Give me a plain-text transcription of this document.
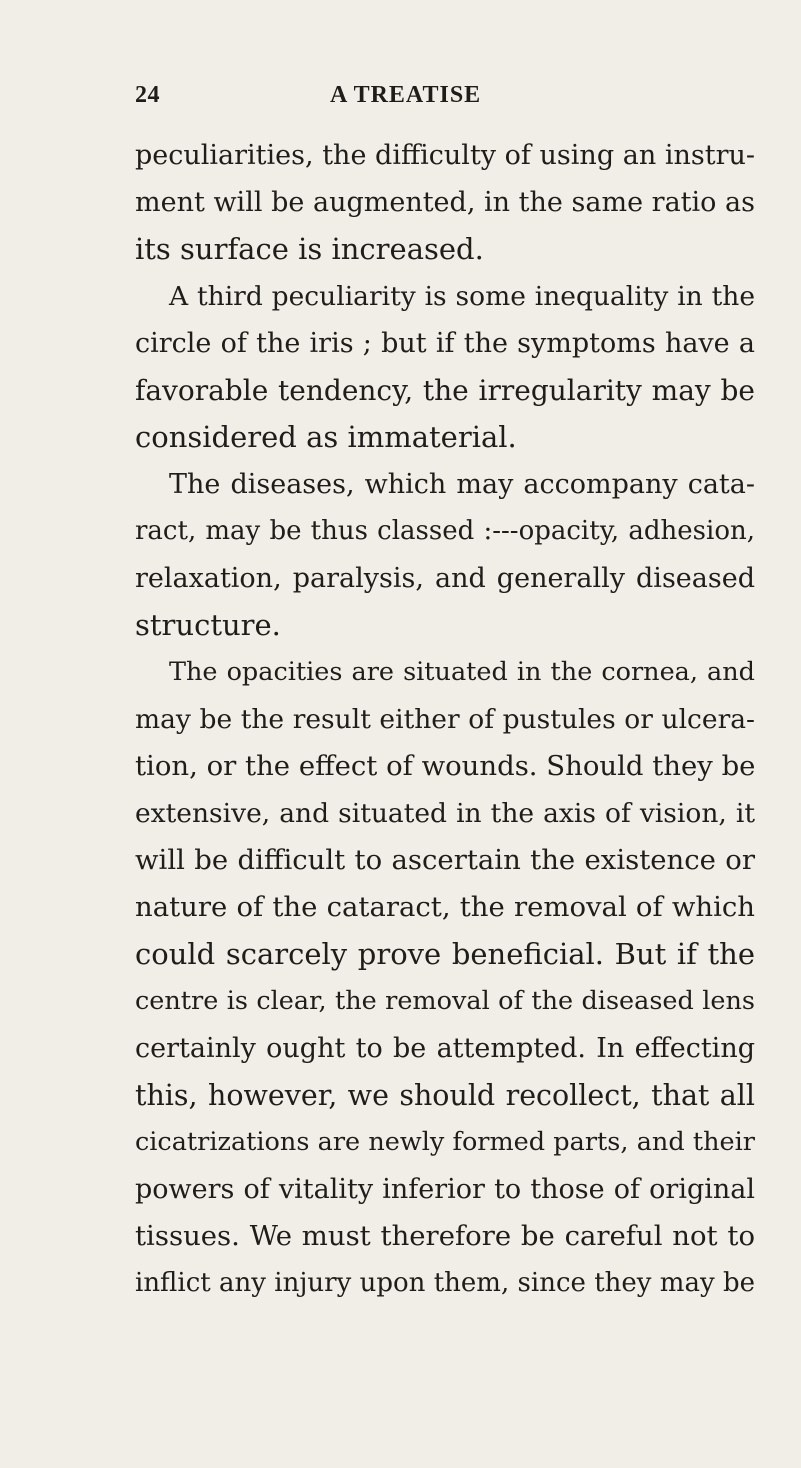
24	A TREATISE
peculiarities, the difficulty of using an instru-
ment will be augmented, in the same ratio as
its surface is increased.
A third peculiarity is some inequality in the
circle of the iris ; but if the symptoms have a
favorable tendency, the irregularity may be
considered as immaterial.
The diseases, which may accompany cata-
ract, may be thus classed :---opacity, adhesion,
relaxation, paralysis, and generally diseased
structure.
The opacities are situated in the cornea, and
may be the result either of pustules or ulcera-
tion, or the effect of wounds. Should they be
extensive, and situated in the axis of vision, it
will be difficult to ascertain the existence or
nature of the cataract, the removal of which
could scarcely prove beneficial. But if the
centre is clear, the removal of the diseased lens
certainly ought to be attempted. In effecting
this, however, we should recollect, that all
cicatrizations are newly formed parts, and their
powers of vitality inferior to those of original
tissues. We must therefore be careful not to
inflict any injury upon them, since they may be
